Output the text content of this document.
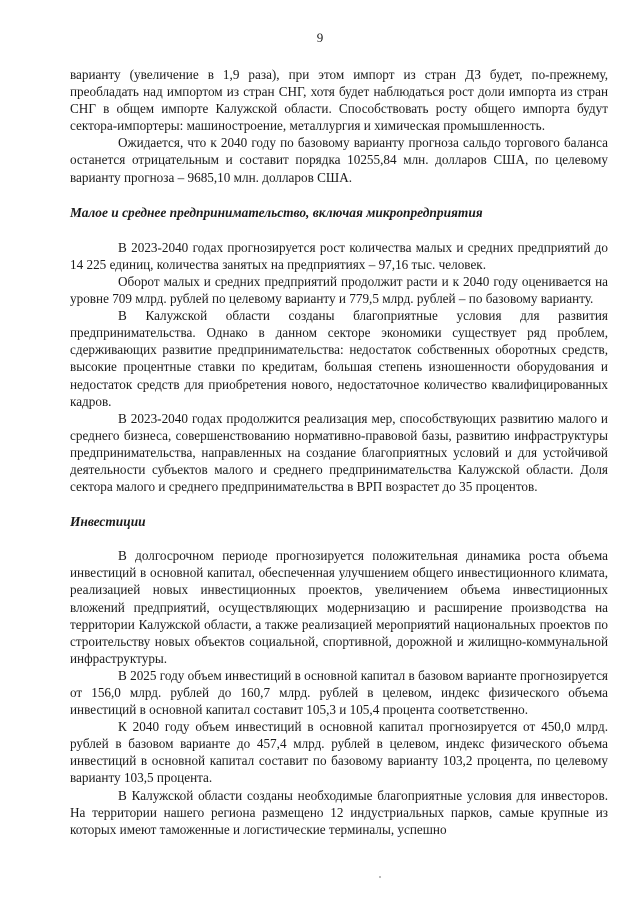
9

варианту (увеличение в 1,9 раза), при этом импорт из стран ДЗ будет, по-прежнему, преобладать над импортом из стран СНГ, хотя будет наблюдаться рост доли импорта из стран СНГ в общем импорте Калужской области. Способствовать росту общего импорта будут сектора-импортеры: машиностроение, металлургия и химическая промышленность.

Ожидается, что к 2040 году по базовому варианту прогноза сальдо торгового баланса останется отрицательным и составит порядка 10255,84 млн. долларов США, по целевому варианту прогноза – 9685,10 млн. долларов США.

Малое и среднее предпринимательство, включая микропредприятия

В 2023-2040 годах прогнозируется рост количества малых и средних предприятий до 14 225 единиц, количества занятых на предприятиях – 97,16 тыс. человек.

Оборот малых и средних предприятий продолжит расти и к 2040 году оценивается на уровне 709 млрд. рублей по целевому варианту и 779,5 млрд. рублей – по базовому варианту.

В Калужской области созданы благоприятные условия для развития предпринимательства. Однако в данном секторе экономики существует ряд проблем, сдерживающих развитие предпринимательства: недостаток собственных оборотных средств, высокие процентные ставки по кредитам, большая степень изношенности оборудования и недостаток средств для приобретения нового, недостаточное количество квалифицированных кадров.

В 2023-2040 годах продолжится реализация мер, способствующих развитию малого и среднего бизнеса, совершенствованию нормативно-правовой базы, развитию инфраструктуры предпринимательства, направленных на создание благоприятных условий и для устойчивой деятельности субъектов малого и среднего предпринимательства Калужской области. Доля сектора малого и среднего предпринимательства в ВРП возрастет до 35 процентов.

Инвестиции

В долгосрочном периоде прогнозируется положительная динамика роста объема инвестиций в основной капитал, обеспеченная улучшением общего инвестиционного климата, реализацией новых инвестиционных проектов, увеличением объема инвестиционных вложений предприятий, осуществляющих модернизацию и расширение производства на территории Калужской области, а также реализацией мероприятий национальных проектов по строительству новых объектов социальной, спортивной, дорожной и жилищно-коммунальной инфраструктуры.

В 2025 году объем инвестиций в основной капитал в базовом варианте прогнозируется от 156,0 млрд. рублей до 160,7 млрд. рублей в целевом, индекс физического объема инвестиций в основной капитал составит 105,3 и 105,4 процента соответственно.

К 2040 году объем инвестиций в основной капитал прогнозируется от 450,0 млрд. рублей в базовом варианте до 457,4 млрд. рублей в целевом, индекс физического объема инвестиций в основной капитал составит по базовому варианту 103,2 процента, по целевому варианту 103,5 процента.

В Калужской области созданы необходимые благоприятные условия для инвесторов. На территории нашего региона размещено 12 индустриальных парков, самые крупные из которых имеют таможенные и логистические терминалы, успешно
